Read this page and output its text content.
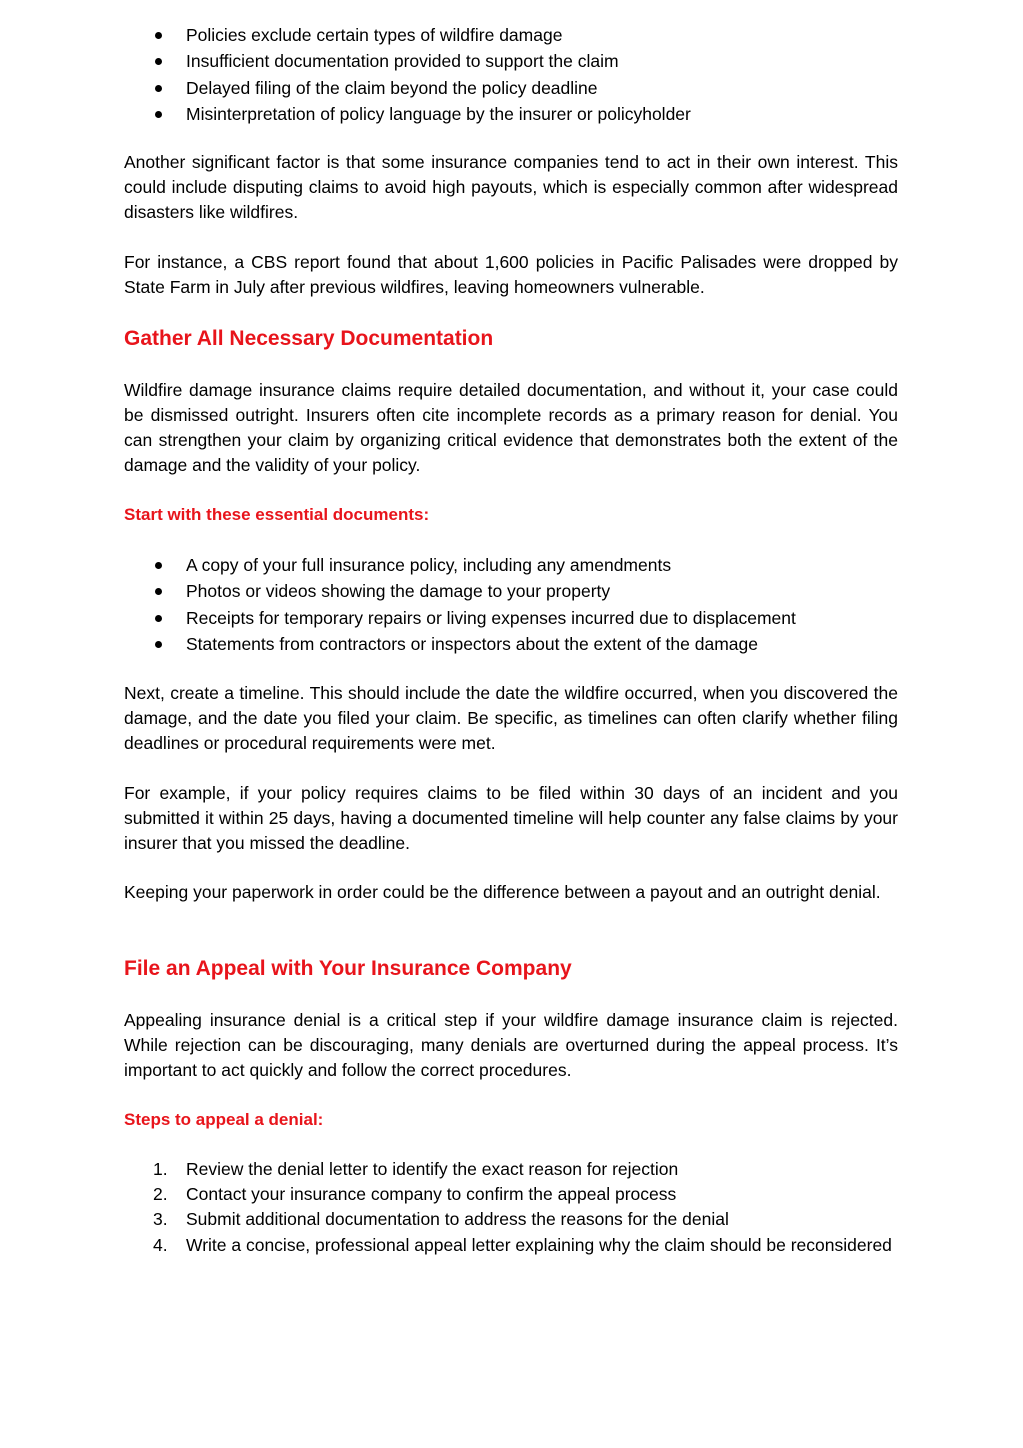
Policies exclude certain types of wildfire damage
Insufficient documentation provided to support the claim
Delayed filing of the claim beyond the policy deadline
Misinterpretation of policy language by the insurer or policyholder

Another significant factor is that some insurance companies tend to act in their own interest. This could include disputing claims to avoid high payouts, which is especially common after widespread disasters like wildfires.

For instance, a CBS report found that about 1,600 policies in Pacific Palisades were dropped by State Farm in July after previous wildfires, leaving homeowners vulnerable.

Gather All Necessary Documentation

Wildfire damage insurance claims require detailed documentation, and without it, your case could be dismissed outright. Insurers often cite incomplete records as a primary reason for denial. You can strengthen your claim by organizing critical evidence that demonstrates both the extent of the damage and the validity of your policy.

Start with these essential documents:
A copy of your full insurance policy, including any amendments
Photos or videos showing the damage to your property
Receipts for temporary repairs or living expenses incurred due to displacement
Statements from contractors or inspectors about the extent of the damage

Next, create a timeline. This should include the date the wildfire occurred, when you discovered the damage, and the date you filed your claim. Be specific, as timelines can often clarify whether filing deadlines or procedural requirements were met.

For example, if your policy requires claims to be filed within 30 days of an incident and you submitted it within 25 days, having a documented timeline will help counter any false claims by your insurer that you missed the deadline.

Keeping your paperwork in order could be the difference between a payout and an outright denial.

File an Appeal with Your Insurance Company

Appealing insurance denial is a critical step if your wildfire damage insurance claim is rejected. While rejection can be discouraging, many denials are overturned during the appeal process. It’s important to act quickly and follow the correct procedures.

Steps to appeal a denial:
1. Review the denial letter to identify the exact reason for rejection
2. Contact your insurance company to confirm the appeal process
3. Submit additional documentation to address the reasons for the denial
4. Write a concise, professional appeal letter explaining why the claim should be reconsidered
